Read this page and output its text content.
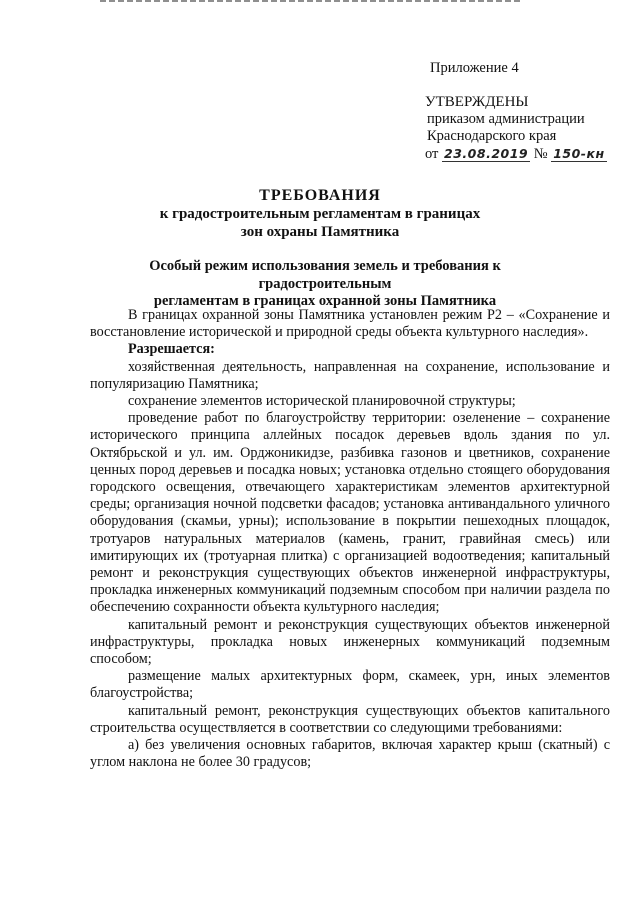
Приложение 4
УТВЕРЖДЕНЫ
приказом администрации
Краснодарского края
от 23.08.2019 № 150-кн
ТРЕБОВАНИЯ
к градостроительным регламентам в границах
зон охраны Памятника
Особый режим использования земель и требования к градостроительным
регламентам в границах охранной зоны Памятника

В границах охранной зоны Памятника установлен режим Р2 – «Сохранение и восстановление исторической и природной среды объекта культурного наследия».

Разрешается:

хозяйственная деятельность, направленная на сохранение, использование и популяризацию Памятника;

сохранение элементов исторической планировочной структуры;

проведение работ по благоустройству территории: озеленение – сохранение исторического принципа аллейных посадок деревьев вдоль здания по ул. Октябрьской и ул. им. Орджоникидзе, разбивка газонов и цветников, сохранение ценных пород деревьев и посадка новых; установка отдельно стоящего оборудования городского освещения, отвечающего характеристикам элементов архитектурной среды; организация ночной подсветки фасадов; установка антивандального уличного оборудования (скамьи, урны); использование в покрытии пешеходных площадок, тротуаров натуральных материалов (камень, гранит, гравийная смесь) или имитирующих их (тротуарная плитка) с организацией водоотведения; капитальный ремонт и реконструкция существующих объектов инженерной инфраструктуры, прокладка инженерных коммуникаций подземным способом при наличии раздела по обеспечению сохранности объекта культурного наследия;

капитальный ремонт и реконструкция существующих объектов инженерной инфраструктуры, прокладка новых инженерных коммуникаций подземным способом;

размещение малых архитектурных форм, скамеек, урн, иных элементов благоустройства;

капитальный ремонт, реконструкция существующих объектов капитального строительства осуществляется в соответствии со следующими требованиями:

а) без увеличения основных габаритов, включая характер крыш (скатный) с углом наклона не более 30 градусов;
